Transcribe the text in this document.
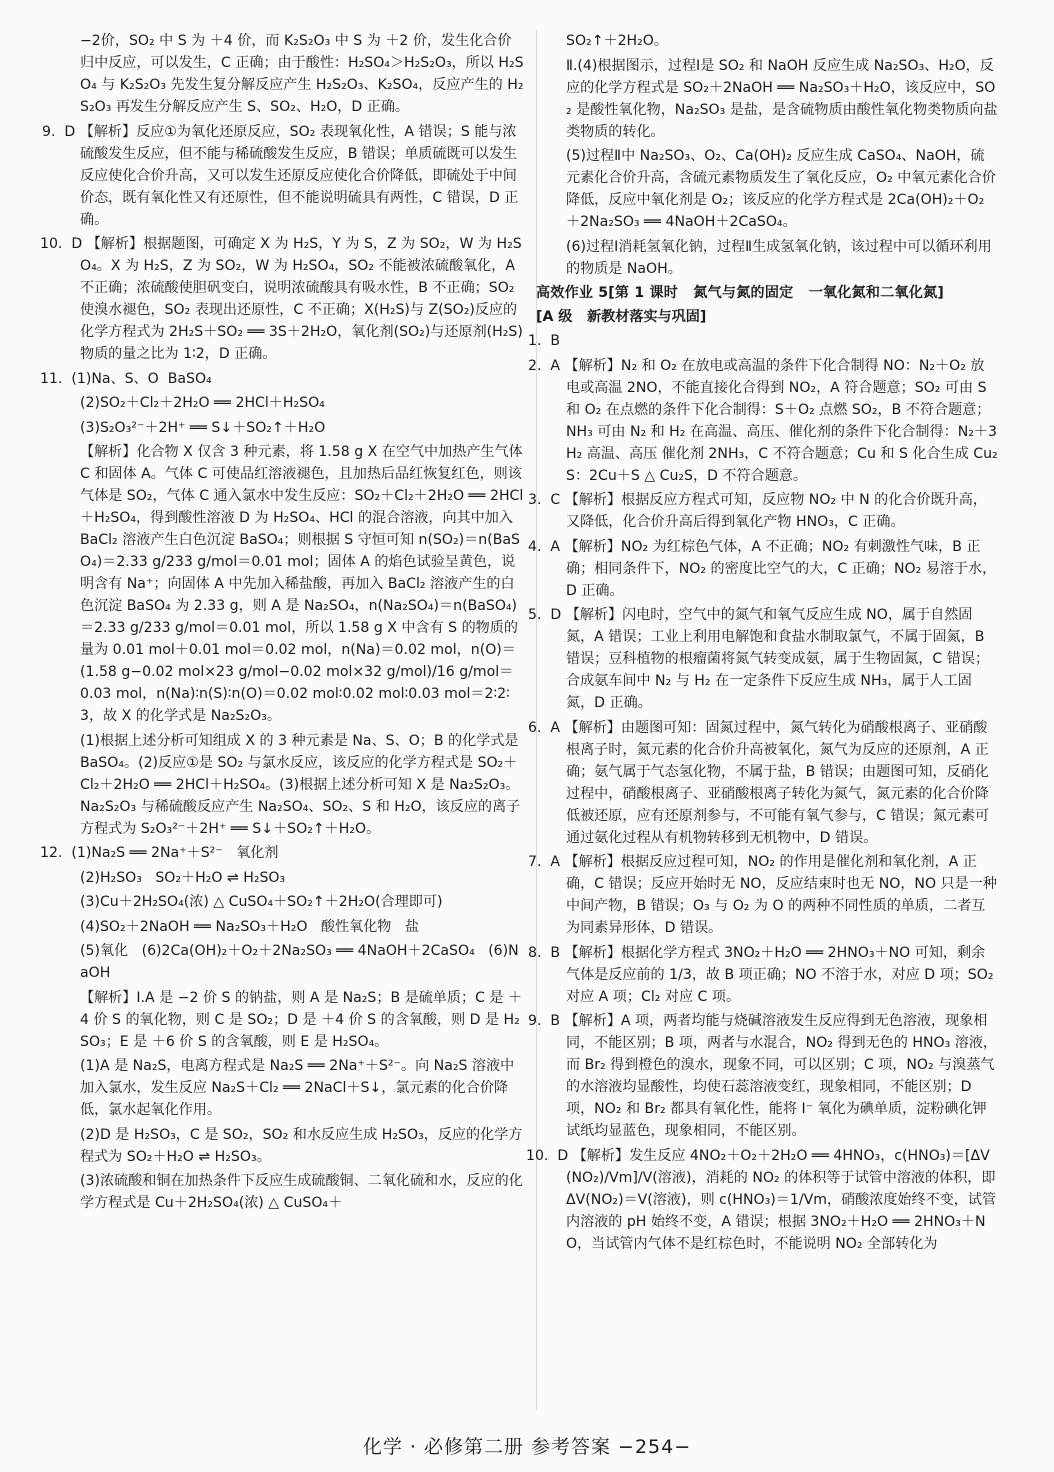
−2价，SO₂ 中 S 为 ＋4 价，而 K₂S₂O₃ 中 S 为 ＋2 价，发生化合价归中反应，可以发生，C 正确；由于酸性：H₂SO₄＞H₂S₂O₃，所以 H₂SO₄ 与 K₂S₂O₃ 先发生复分解反应产生 H₂S₂O₃、K₂SO₄，反应产生的 H₂S₂O₃ 再发生分解反应产生 S、SO₂、H₂O，D 正确。
9.  D 【解析】反应①为氧化还原反应，SO₂ 表现氧化性，A 错误；S 能与浓硫酸发生反应，但不能与稀硫酸发生反应，B 错误；单质硫既可以发生反应使化合价升高，又可以发生还原反应使化合价降低，即硫处于中间价态，既有氧化性又有还原性，但不能说明硫具有两性，C 错误，D 正确。
10.  D 【解析】根据题图，可确定 X 为 H₂S，Y 为 S，Z 为 SO₂，W 为 H₂SO₄。X 为 H₂S，Z 为 SO₂，W 为 H₂SO₄，SO₂ 不能被浓硫酸氧化，A 不正确；浓硫酸使胆矾变白，说明浓硫酸具有吸水性，B 不正确；SO₂ 使溴水褪色，SO₂ 表现出还原性，C 不正确；X(H₂S)与 Z(SO₂)反应的化学方程式为 2H₂S＋SO₂ ══ 3S＋2H₂O，氧化剂(SO₂)与还原剂(H₂S)物质的量之比为 1∶2，D 正确。
11.  (1)Na、S、O  BaSO₄
(2)SO₂＋Cl₂＋2H₂O ══ 2HCl＋H₂SO₄
(3)S₂O₃²⁻＋2H⁺ ══ S↓＋SO₂↑＋H₂O
【解析】化合物 X 仅含 3 种元素，将 1.58 g X 在空气中加热产生气体 C 和固体 A。气体 C 可使品红溶液褪色，且加热后品红恢复红色，则该气体是 SO₂，气体 C 通入氯水中发生反应：SO₂＋Cl₂＋2H₂O ══ 2HCl＋H₂SO₄，得到酸性溶液 D 为 H₂SO₄、HCl 的混合溶液，向其中加入 BaCl₂ 溶液产生白色沉淀 BaSO₄；则根据 S 守恒可知 n(SO₂)＝n(BaSO₄)＝2.33 g/233 g/mol＝0.01 mol；固体 A 的焰色试验呈黄色，说明含有 Na⁺；向固体 A 中先加入稀盐酸，再加入 BaCl₂ 溶液产生的白色沉淀 BaSO₄ 为 2.33 g，则 A 是 Na₂SO₄，n(Na₂SO₄)＝n(BaSO₄)＝2.33 g/233 g/mol＝0.01 mol，所以 1.58 g X 中含有 S 的物质的量为 0.01 mol＋0.01 mol＝0.02 mol，n(Na)＝0.02 mol，n(O)＝(1.58 g−0.02 mol×23 g/mol−0.02 mol×32 g/mol)/16 g/mol＝0.03 mol，n(Na)∶n(S)∶n(O)＝0.02 mol∶0.02 mol∶0.03 mol＝2∶2∶3，故 X 的化学式是 Na₂S₂O₃。
(1)根据上述分析可知组成 X 的 3 种元素是 Na、S、O；B 的化学式是 BaSO₄。(2)反应①是 SO₂ 与氯水反应，该反应的化学方程式是 SO₂＋Cl₂＋2H₂O ══ 2HCl＋H₂SO₄。(3)根据上述分析可知 X 是 Na₂S₂O₃。Na₂S₂O₃ 与稀硫酸反应产生 Na₂SO₄、SO₂、S 和 H₂O，该反应的离子方程式为 S₂O₃²⁻＋2H⁺ ══ S↓＋SO₂↑＋H₂O。
12.  (1)Na₂S ══ 2Na⁺＋S²⁻   氧化剂
(2)H₂SO₃   SO₂＋H₂O ⇌ H₂SO₃
(3)Cu＋2H₂SO₄(浓) △ CuSO₄＋SO₂↑＋2H₂O(合理即可)
(4)SO₂＋2NaOH ══ Na₂SO₃＋H₂O   酸性氧化物   盐
(5)氧化   (6)2Ca(OH)₂＋O₂＋2Na₂SO₃ ══ 4NaOH＋2CaSO₄   (6)NaOH
【解析】Ⅰ.A 是 −2 价 S 的钠盐，则 A 是 Na₂S；B 是硫单质；C 是 ＋4 价 S 的氧化物，则 C 是 SO₂；D 是 ＋4 价 S 的含氧酸，则 D 是 H₂SO₃；E 是 ＋6 价 S 的含氧酸，则 E 是 H₂SO₄。
(1)A 是 Na₂S，电离方程式是 Na₂S ══ 2Na⁺＋S²⁻。向 Na₂S 溶液中加入氯水，发生反应 Na₂S＋Cl₂ ══ 2NaCl＋S↓，氯元素的化合价降低，氯水起氧化作用。
(2)D 是 H₂SO₃，C 是 SO₂，SO₂ 和水反应生成 H₂SO₃，反应的化学方程式为 SO₂＋H₂O ⇌ H₂SO₃。
(3)浓硫酸和铜在加热条件下反应生成硫酸铜、二氧化硫和水，反应的化学方程式是 Cu＋2H₂SO₄(浓) △ CuSO₄＋
SO₂↑＋2H₂O。
Ⅱ.(4)根据图示，过程Ⅰ是 SO₂ 和 NaOH 反应生成 Na₂SO₃、H₂O，反应的化学方程式是 SO₂＋2NaOH ══ Na₂SO₃＋H₂O，该反应中，SO₂ 是酸性氧化物，Na₂SO₃ 是盐，是含硫物质由酸性氧化物类物质向盐类物质的转化。
(5)过程Ⅱ中 Na₂SO₃、O₂、Ca(OH)₂ 反应生成 CaSO₄、NaOH，硫元素化合价升高，含硫元素物质发生了氧化反应，O₂ 中氧元素化合价降低，反应中氧化剂是 O₂；该反应的化学方程式是 2Ca(OH)₂＋O₂＋2Na₂SO₃ ══ 4NaOH＋2CaSO₄。
(6)过程Ⅰ消耗氢氧化钠，过程Ⅱ生成氢氧化钠，该过程中可以循环利用的物质是 NaOH。
高效作业 5[第 1 课时   氮气与氮的固定   一氧化氮和二氧化氮]
[A 级   新教材落实与巩固]
1.  B
2.  A 【解析】N₂ 和 O₂ 在放电或高温的条件下化合制得 NO：N₂＋O₂ 放电或高温 2NO，不能直接化合得到 NO₂，A 符合题意；SO₂ 可由 S 和 O₂ 在点燃的条件下化合制得：S＋O₂ 点燃 SO₂，B 不符合题意；NH₃ 可由 N₂ 和 H₂ 在高温、高压、催化剂的条件下化合制得：N₂＋3H₂ 高温、高压 催化剂 2NH₃，C 不符合题意；Cu 和 S 化合生成 Cu₂S：2Cu＋S △ Cu₂S，D 不符合题意。
3.  C 【解析】根据反应方程式可知，反应物 NO₂ 中 N 的化合价既升高，又降低，化合价升高后得到氧化产物 HNO₃，C 正确。
4.  A 【解析】NO₂ 为红棕色气体，A 不正确；NO₂ 有刺激性气味，B 正确；相同条件下，NO₂ 的密度比空气的大，C 正确；NO₂ 易溶于水，D 正确。
5.  D 【解析】闪电时，空气中的氮气和氧气反应生成 NO，属于自然固氮，A 错误；工业上利用电解饱和食盐水制取氯气，不属于固氮，B 错误；豆科植物的根瘤菌将氮气转变成氨，属于生物固氮，C 错误；合成氨车间中 N₂ 与 H₂ 在一定条件下反应生成 NH₃，属于人工固氮，D 正确。
6.  A 【解析】由题图可知：固氮过程中，氮气转化为硝酸根离子、亚硝酸根离子时，氮元素的化合价升高被氧化，氮气为反应的还原剂，A 正确；氨气属于气态氢化物，不属于盐，B 错误；由题图可知，反硝化过程中，硝酸根离子、亚硝酸根离子转化为氮气，氮元素的化合价降低被还原，应有还原剂参与，不可能有氧气参与，C 错误；氮元素可通过氨化过程从有机物转移到无机物中，D 错误。
7.  A 【解析】根据反应过程可知，NO₂ 的作用是催化剂和氧化剂，A 正确，C 错误；反应开始时无 NO，反应结束时也无 NO，NO 只是一种中间产物，B 错误；O₃ 与 O₂ 为 O 的两种不同性质的单质，二者互为同素异形体，D 错误。
8.  B 【解析】根据化学方程式 3NO₂＋H₂O ══ 2HNO₃＋NO 可知，剩余气体是反应前的 1/3，故 B 项正确；NO 不溶于水，对应 D 项；SO₂ 对应 A 项；Cl₂ 对应 C 项。
9.  B 【解析】A 项，两者均能与烧碱溶液发生反应得到无色溶液，现象相同，不能区别；B 项，两者与水混合，NO₂ 得到无色的 HNO₃ 溶液，而 Br₂ 得到橙色的溴水，现象不同，可以区别；C 项，NO₂ 与溴蒸气的水溶液均显酸性，均使石蕊溶液变红，现象相同，不能区别；D 项，NO₂ 和 Br₂ 都具有氧化性，能将 I⁻ 氧化为碘单质，淀粉碘化钾试纸均显蓝色，现象相同，不能区别。
10.  D 【解析】发生反应 4NO₂＋O₂＋2H₂O ══ 4HNO₃，c(HNO₃)＝[ΔV(NO₂)/Vm]/V(溶液)，消耗的 NO₂ 的体积等于试管中溶液的体积，即 ΔV(NO₂)＝V(溶液)，则 c(HNO₃)＝1/Vm，硝酸浓度始终不变，试管内溶液的 pH 始终不变，A 错误；根据 3NO₂＋H₂O ══ 2HNO₃＋NO，当试管内气体不是红棕色时，不能说明 NO₂ 全部转化为
化学 · 必修第二册 参考答案 −254−
